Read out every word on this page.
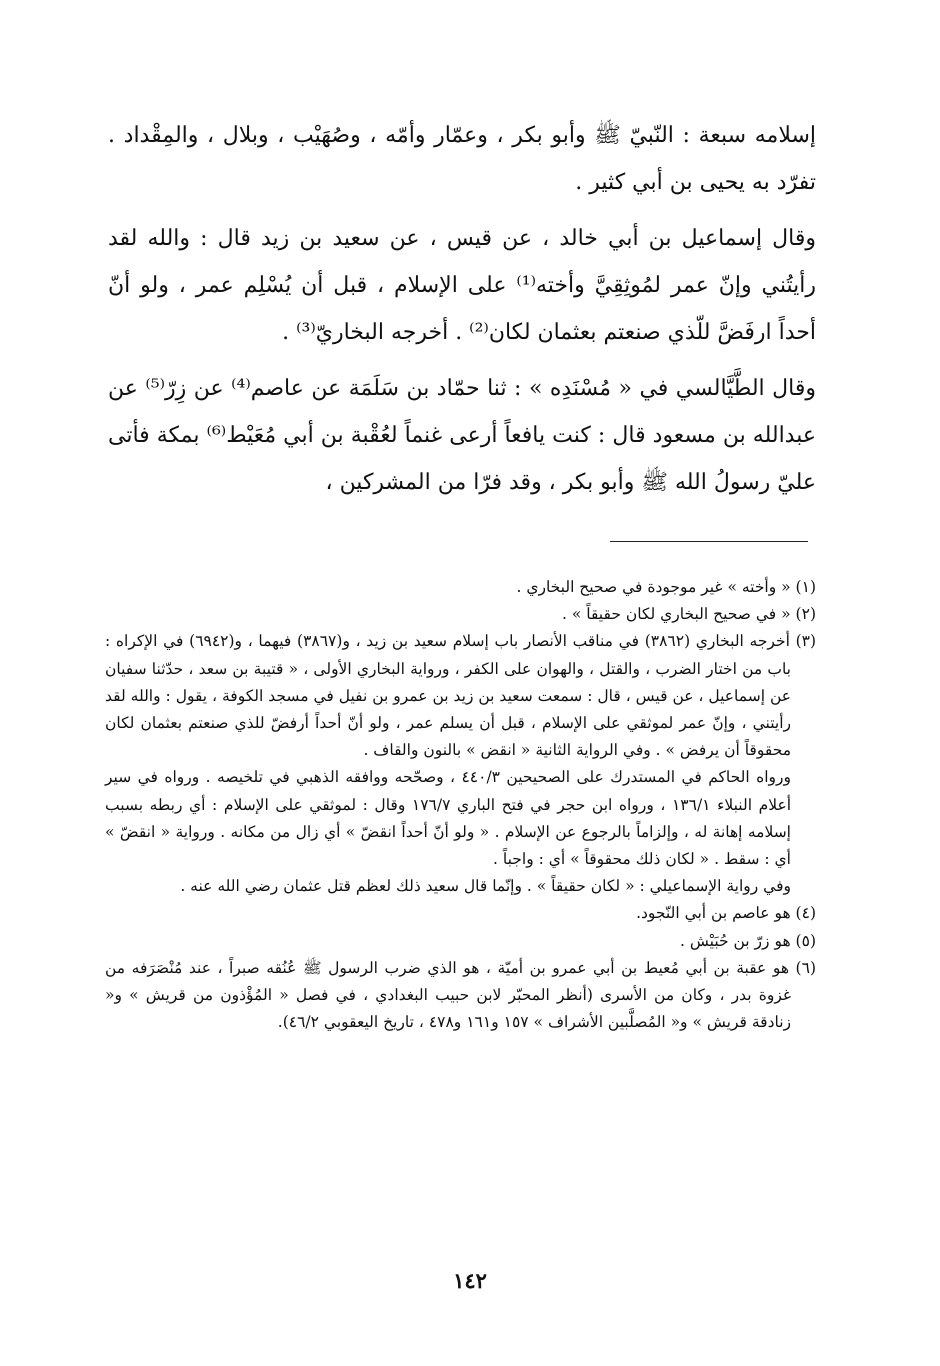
إسلامه سبعة : النّبيّ ﷺ وأبو بكر ، وعمّار وأمّه ، وصُهَيْب ، وبلال ، والمِقْداد . تفرّد به يحيى بن أبي كثير .

وقال إسماعيل بن أبي خالد ، عن قيس ، عن سعيد بن زيد قال : والله لقد رأيتُني وإنّ عمر لمُوثِقِيَّ وأخته⁽¹⁾ على الإسلام ، قبل أن يُسْلِم عمر ، ولو أنّ أحداً ارفَضَّ للّذي صنعتم بعثمان لكان⁽²⁾ . أخرجه البخاريّ⁽³⁾ .

وقال الطَّيَّالسي في « مُسْنَدِه » : ثنا حمّاد بن سَلَمَة عن عاصم⁽⁴⁾ عن زِرّ⁽⁵⁾ عن عبدالله بن مسعود قال : كنت يافعاً أرعى غنماً لعُقْبة بن أبي مُعَيْط⁽⁶⁾ بمكة فأتى عليّ رسولُ الله ﷺ وأبو بكر ، وقد فرّا من المشركين ،

(١) « وأخته » غير موجودة في صحيح البخاري .

(٢) « في صحيح البخاري لكان حقيقاً » .

(٣) أخرجه البخاري (٣٨٦٢) في مناقب الأنصار باب إسلام سعيد بن زيد ، و(٣٨٦٧) فيهما ، و(٦٩٤٢) في الإكراه : باب من اختار الضرب ، والقتل ، والهوان على الكفر ، ورواية البخاري الأولى ، « قتيبة بن سعد ، حدّثنا سفيان عن إسماعيل ، عن قيس ، قال : سمعت سعيد بن زيد بن عمرو بن نفيل في مسجد الكوفة ، يقول : والله لقد رأيتني ، وإنّ عمر لموثقي على الإسلام ، قبل أن يسلم عمر ، ولو أنّ أحداً أرفضّ للذي صنعتم بعثمان لكان محقوقاً أن يرفض » . وفي الرواية الثانية « انقض » بالنون والقاف .

ورواه الحاكم في المستدرك على الصحيحين ٤٤٠/٣ ، وصحّحه ووافقه الذهبي في تلخيصه . ورواه في سير أعلام النبلاء ١٣٦/١ ، ورواه ابن حجر في فتح الباري ١٧٦/٧ وقال : لموثقي على الإسلام : أي ربطه بسبب إسلامه إهانة له ، وإلزاماً بالرجوع عن الإسلام . « ولو أنّ أحداً انقضّ » أي زال من مكانه . ورواية « انقضّ » أي : سقط . « لكان ذلك محقوقاً » أي : واجباً .

وفي رواية الإسماعيلي : « لكان حقيقاً » . وإنّما قال سعيد ذلك لعظم قتل عثمان رضي الله عنه .

(٤) هو عاصم بن أبي النّجود.

(٥) هو زرّ بن حُبَيْش .

(٦) هو عقبة بن أبي مُعيط بن أبي عمرو بن أميّة ، هو الذي ضرب الرسول ﷺ عُنُقه صبراً ، عند مُنْصَرَفه من غزوة بدر ، وكان من الأسرى (أنظر المحبّر لابن حبيب البغدادي ، في فصل « المُؤْذون من قريش » و« زنادقة قريش » و« المُصلَّبين الأشراف » ١٥٧ و١٦١ و٤٧٨ ، تاريخ اليعقوبي ٤٦/٢).

١٤٢
